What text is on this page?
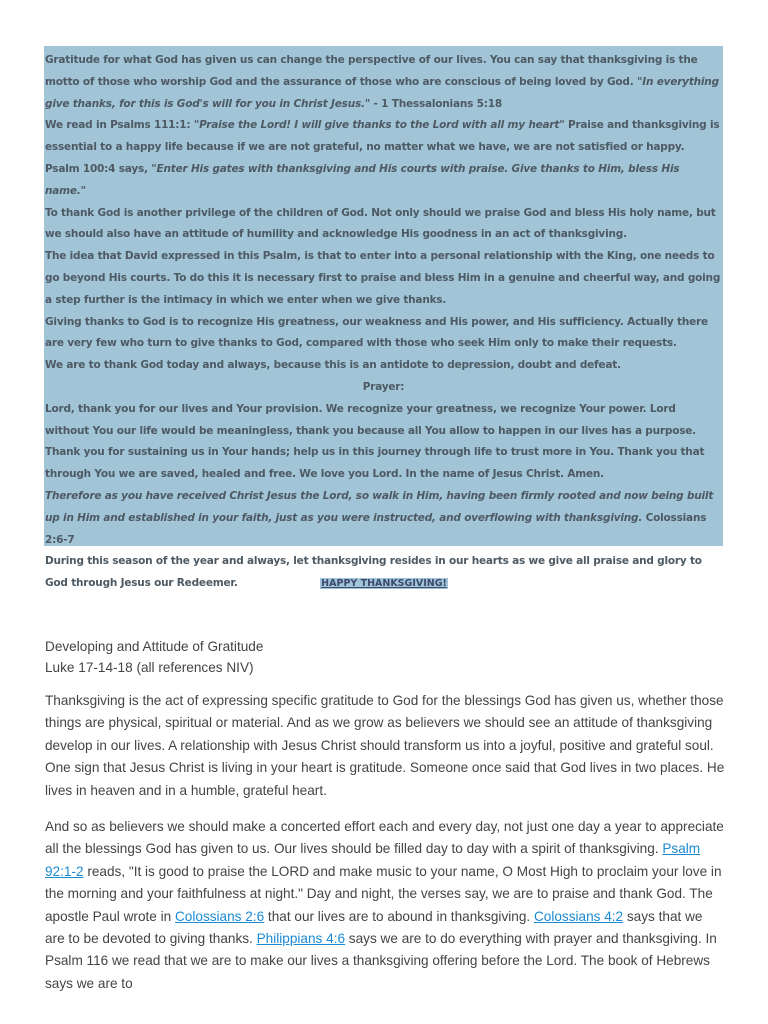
Gratitude for what God has given us can change the perspective of our lives. You can say that thanksgiving is the motto of those who worship God and the assurance of those who are conscious of being loved by God. "In everything give thanks, for this is God's will for you in Christ Jesus." - 1 Thessalonians 5:18

We read in Psalms 111:1: "Praise the Lord! I will give thanks to the Lord with all my heart" Praise and thanksgiving is essential to a happy life because if we are not grateful, no matter what we have, we are not satisfied or happy.

Psalm 100:4 says, "Enter His gates with thanksgiving and His courts with praise. Give thanks to Him, bless His name."

To thank God is another privilege of the children of God. Not only should we praise God and bless His holy name, but we should also have an attitude of humility and acknowledge His goodness in an act of thanksgiving.

The idea that David expressed in this Psalm, is that to enter into a personal relationship with the King, one needs to go beyond His courts. To do this it is necessary first to praise and bless Him in a genuine and cheerful way, and going a step further is the intimacy in which we enter when we give thanks.

Giving thanks to God is to recognize His greatness, our weakness and His power, and His sufficiency. Actually there are very few who turn to give thanks to God, compared with those who seek Him only to make their requests.

We are to thank God today and always, because this is an antidote to depression, doubt and defeat.

Prayer:

Lord, thank you for our lives and Your provision. We recognize your greatness, we recognize Your power. Lord without You our life would be meaningless, thank you because all You allow to happen in our lives has a purpose. Thank you for sustaining us in Your hands; help us in this journey through life to trust more in You. Thank you that through You we are saved, healed and free. We love you Lord. In the name of Jesus Christ. Amen.

Therefore as you have received Christ Jesus the Lord, so walk in Him, having been firmly rooted and now being built up in Him and established in your faith, just as you were instructed, and overflowing with thanksgiving. Colossians 2:6-7

During this season of the year and always, let thanksgiving resides in our hearts as we give all praise and glory to God through Jesus our Redeemer.	HAPPY THANKSGIVING!

Developing and Attitude of Gratitude

Luke 17-14-18 (all references NIV)

Thanksgiving is the act of expressing specific gratitude to God for the blessings God has given us, whether those things are physical, spiritual or material. And as we grow as believers we should see an attitude of thanksgiving develop in our lives. A relationship with Jesus Christ should transform us into a joyful, positive and grateful soul. One sign that Jesus Christ is living in your heart is gratitude. Someone once said that God lives in two places. He lives in heaven and in a humble, grateful heart.

And so as believers we should make a concerted effort each and every day, not just one day a year to appreciate all the blessings God has given to us. Our lives should be filled day to day with a spirit of thanksgiving. Psalm 92:1-2 reads, "It is good to praise the LORD and make music to your name, O Most High to proclaim your love in the morning and your faithfulness at night." Day and night, the verses say, we are to praise and thank God. The apostle Paul wrote in Colossians 2:6 that our lives are to abound in thanksgiving. Colossians 4:2 says that we are to be devoted to giving thanks. Philippians 4:6 says we are to do everything with prayer and thanksgiving. In Psalm 116 we read that we are to make our lives a thanksgiving offering before the Lord. The book of Hebrews says we are to
